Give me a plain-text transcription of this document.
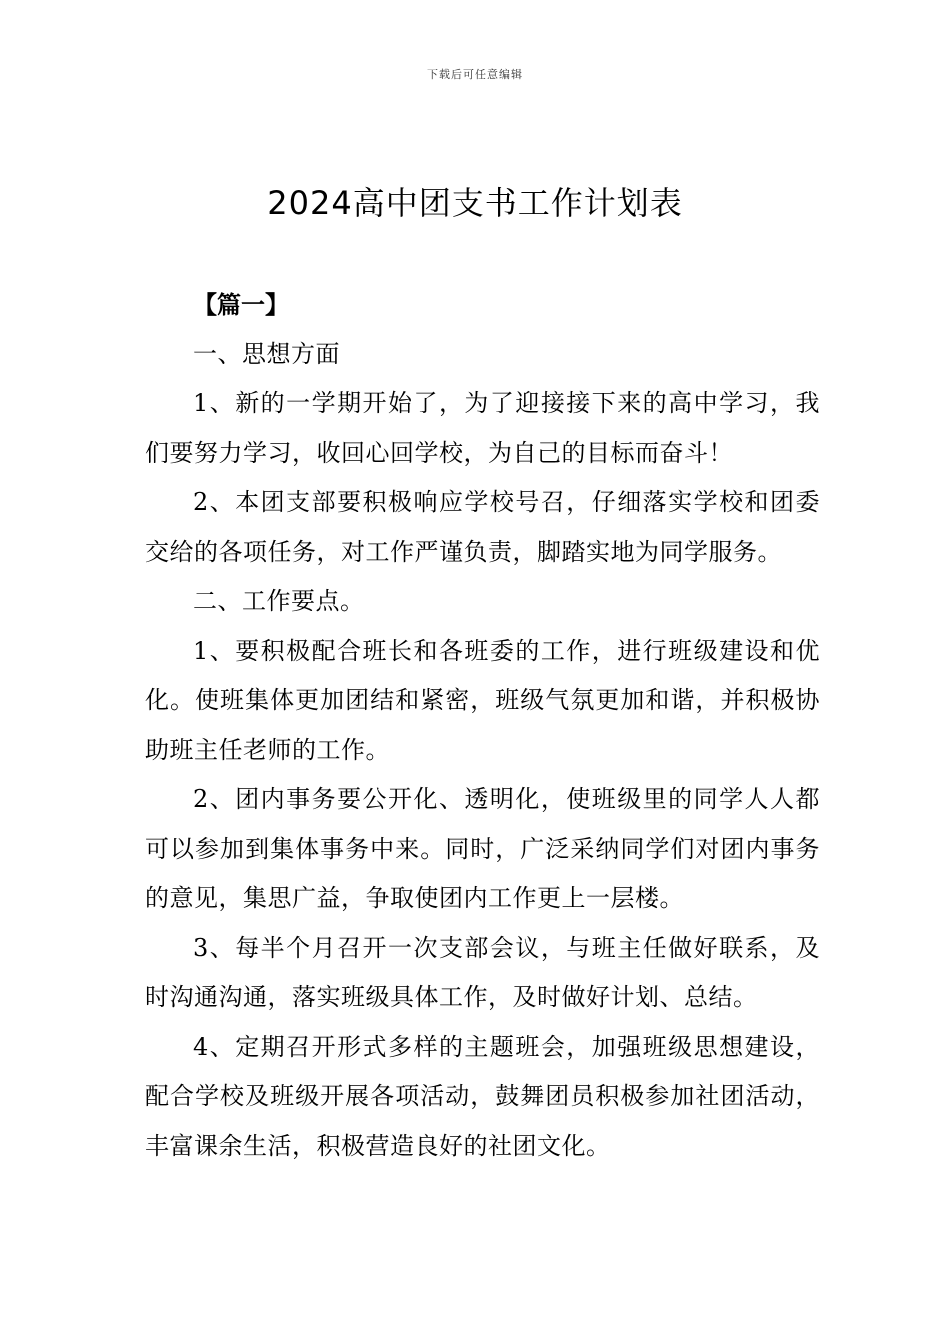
下载后可任意编辑
2024高中团支书工作计划表

【篇一】

一、思想方面

1、新的一学期开始了，为了迎接接下来的高中学习，我们要努力学习，收回心回学校，为自己的目标而奋斗！

2、本团支部要积极响应学校号召，仔细落实学校和团委交给的各项任务，对工作严谨负责，脚踏实地为同学服务。

二、工作要点。

1、要积极配合班长和各班委的工作，进行班级建设和优化。使班集体更加团结和紧密，班级气氛更加和谐，并积极协助班主任老师的工作。

2、团内事务要公开化、透明化，使班级里的同学人人都可以参加到集体事务中来。同时，广泛采纳同学们对团内事务的意见，集思广益，争取使团内工作更上一层楼。

3、每半个月召开一次支部会议，与班主任做好联系，及时沟通沟通，落实班级具体工作，及时做好计划、总结。

4、定期召开形式多样的主题班会，加强班级思想建设，配合学校及班级开展各项活动，鼓舞团员积极参加社团活动，丰富课余生活，积极营造良好的社团文化。
